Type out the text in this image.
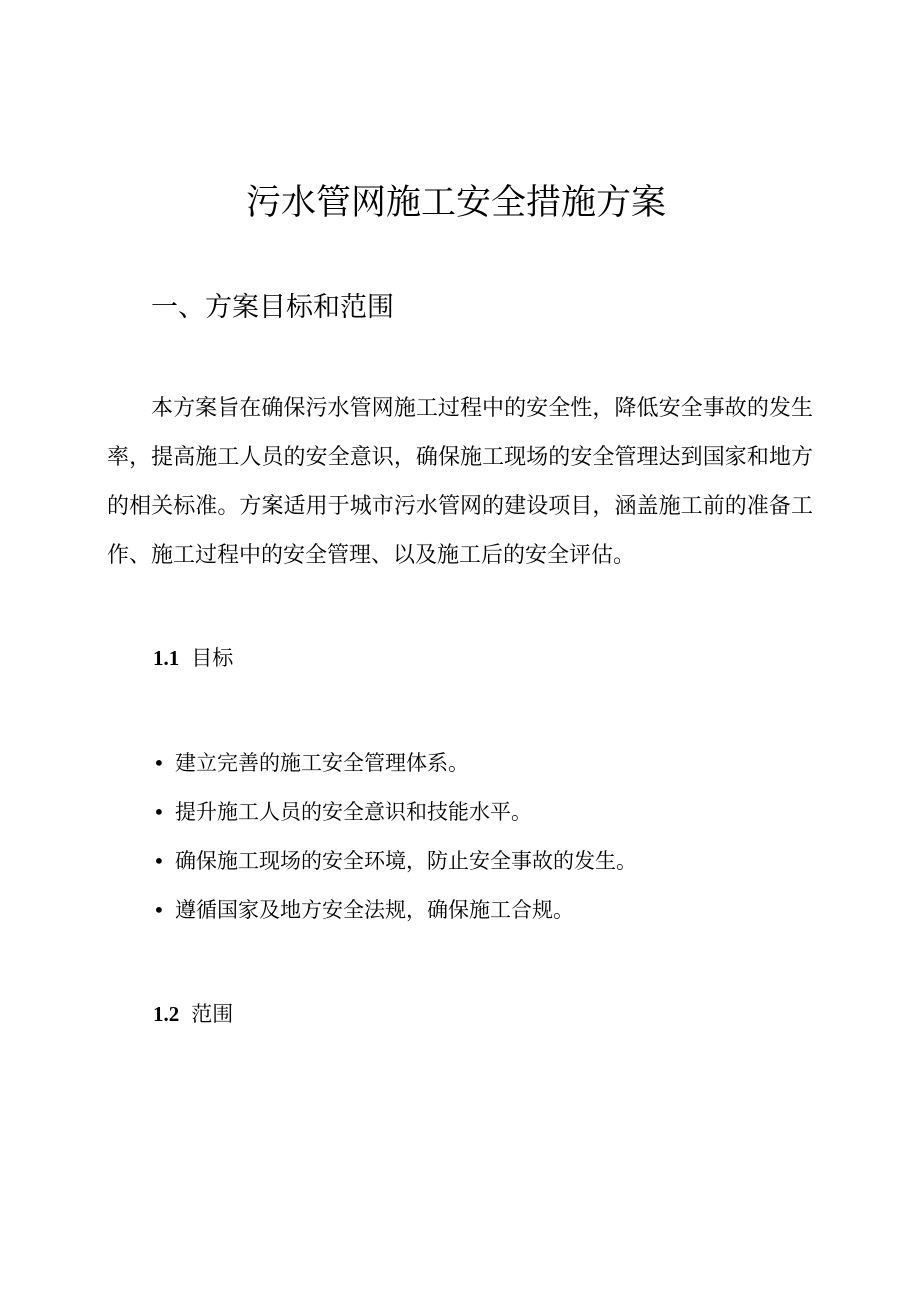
污水管网施工安全措施方案
一、方案目标和范围

本方案旨在确保污水管网施工过程中的安全性，降低安全事故的发生率，提高施工人员的安全意识，确保施工现场的安全管理达到国家和地方的相关标准。方案适用于城市污水管网的建设项目，涵盖施工前的准备工作、施工过程中的安全管理、以及施工后的安全评估。

1.1 目标
• 建立完善的施工安全管理体系。
• 提升施工人员的安全意识和技能水平。
• 确保施工现场的安全环境，防止安全事故的发生。
• 遵循国家及地方安全法规，确保施工合规。
1.2 范围
